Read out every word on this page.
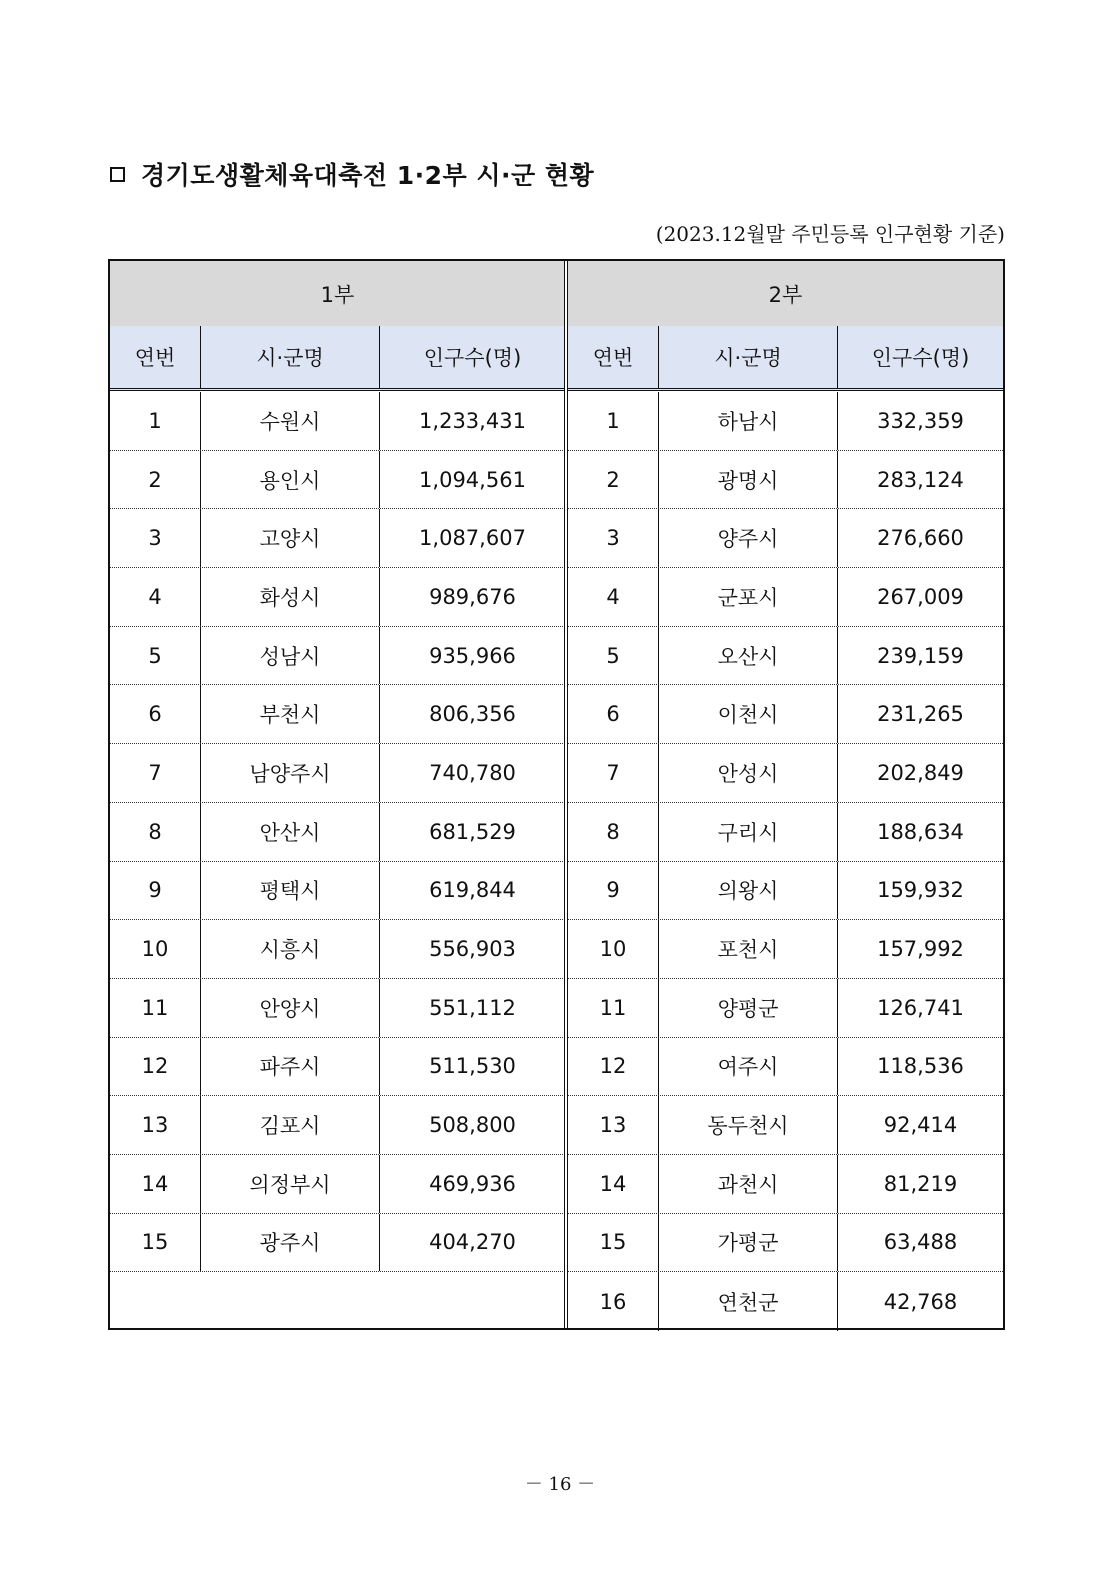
경기도생활체육대축전 1·2부 시·군 현황
(2023.12월말 주민등록 인구현황 기준)
1부
연번	시·군명	인구수(명)
1	수원시	1,233,431
2	용인시	1,094,561
3	고양시	1,087,607
4	화성시	989,676
5	성남시	935,966
6	부천시	806,356
7	남양주시	740,780
8	안산시	681,529
9	평택시	619,844
10	시흥시	556,903
11	안양시	551,112
12	파주시	511,530
13	김포시	508,800
14	의정부시	469,936
15	광주시	404,270
2부
연번	시·군명	인구수(명)
1	하남시	332,359
2	광명시	283,124
3	양주시	276,660
4	군포시	267,009
5	오산시	239,159
6	이천시	231,265
7	안성시	202,849
8	구리시	188,634
9	의왕시	159,932
10	포천시	157,992
11	양평군	126,741
12	여주시	118,536
13	동두천시	92,414
14	과천시	81,219
15	가평군	63,488
16	연천군	42,768
－ 16 －
